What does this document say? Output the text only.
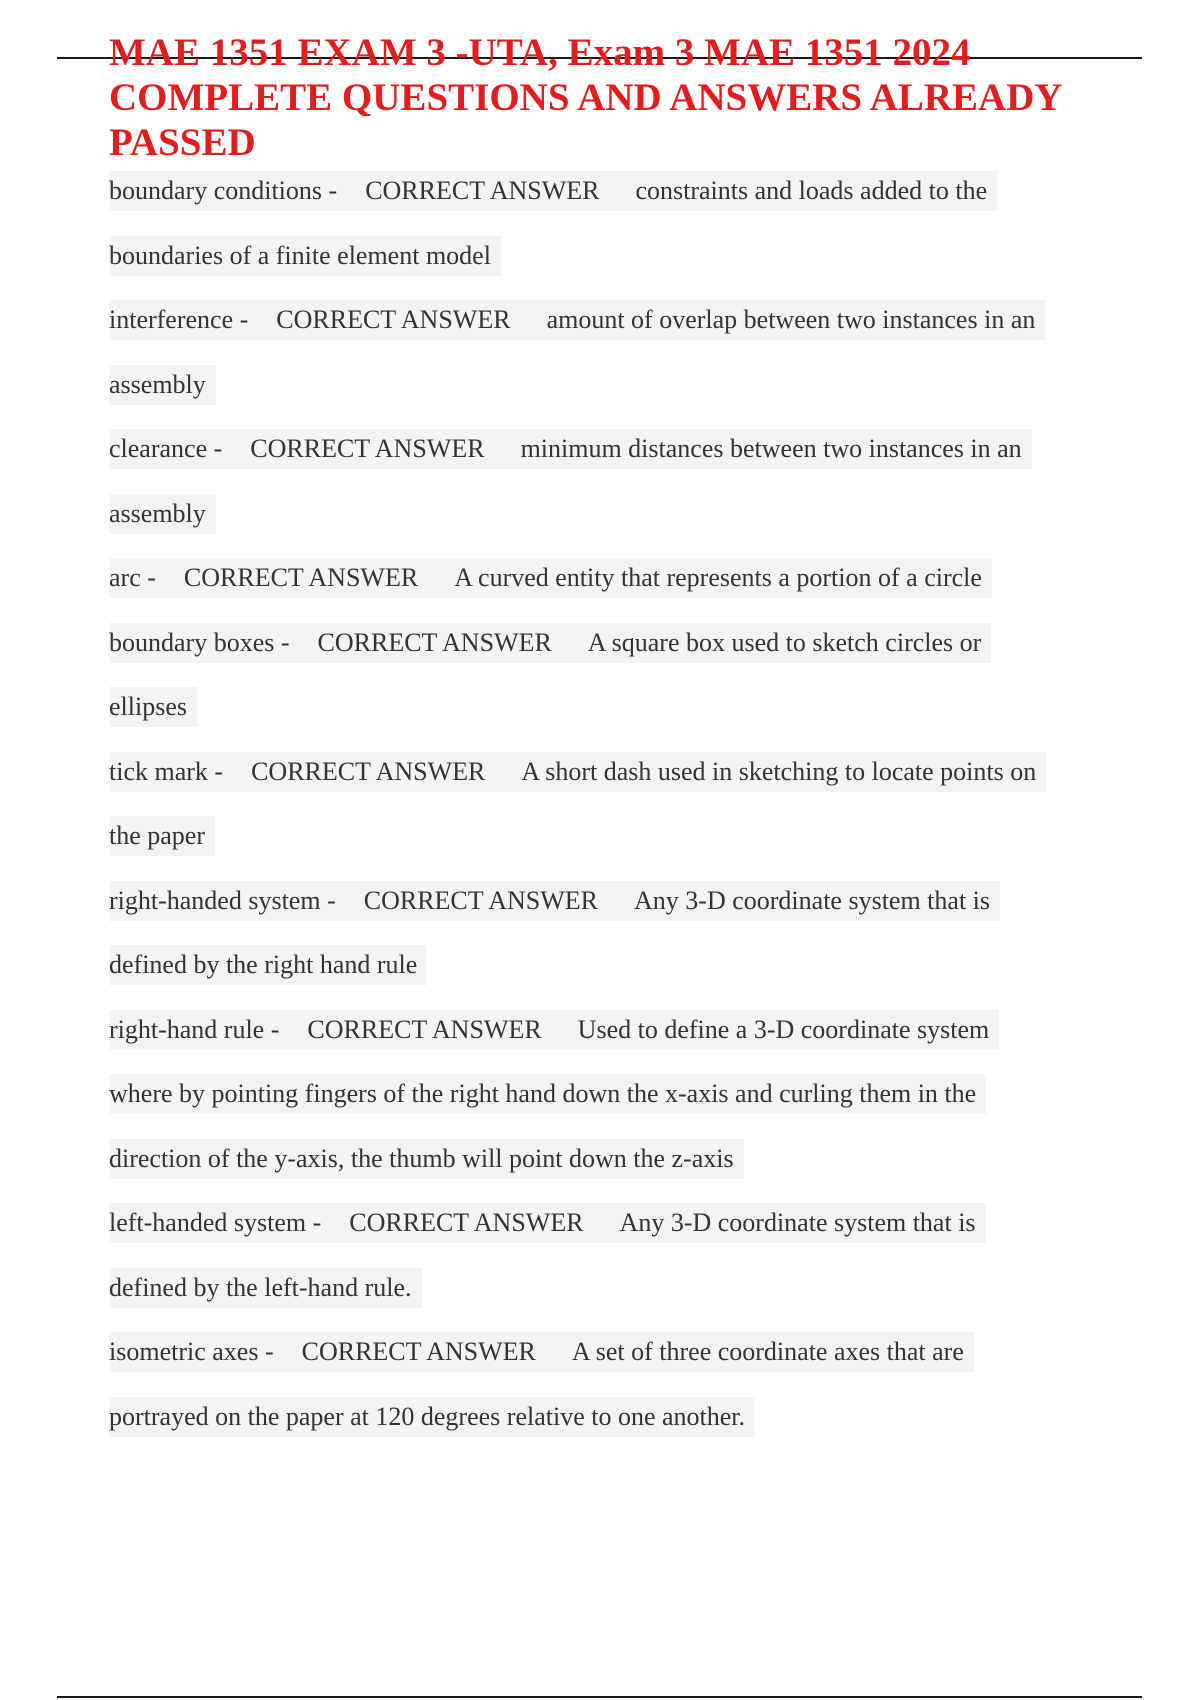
MAE 1351 EXAM 3 -UTA, Exam 3 MAE 1351 2024 COMPLETE QUESTIONS AND ANSWERS ALREADY PASSED
boundary conditions - CORRECT ANSWER constraints and loads added to the
boundaries of a finite element model
interference - CORRECT ANSWER amount of overlap between two instances in an
assembly
clearance - CORRECT ANSWER minimum distances between two instances in an
assembly
arc - CORRECT ANSWER A curved entity that represents a portion of a circle
boundary boxes - CORRECT ANSWER A square box used to sketch circles or
ellipses
tick mark - CORRECT ANSWER A short dash used in sketching to locate points on
the paper
right-handed system - CORRECT ANSWER Any 3-D coordinate system that is
defined by the right hand rule
right-hand rule - CORRECT ANSWER Used to define a 3-D coordinate system
where by pointing fingers of the right hand down the x-axis and curling them in the
direction of the y-axis, the thumb will point down the z-axis
left-handed system - CORRECT ANSWER Any 3-D coordinate system that is
defined by the left-hand rule.
isometric axes - CORRECT ANSWER A set of three coordinate axes that are
portrayed on the paper at 120 degrees relative to one another.
